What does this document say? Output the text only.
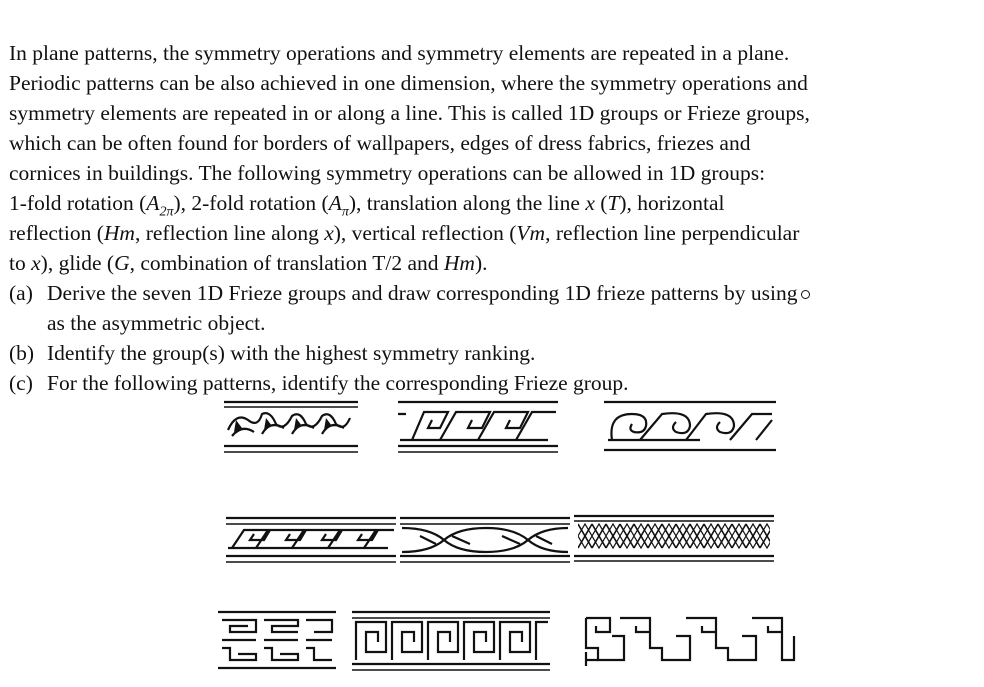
In plane patterns, the symmetry operations and symmetry elements are repeated in a plane.
Periodic patterns can be also achieved in one dimension, where the symmetry operations and
symmetry elements are repeated in or along a line. This is called 1D groups or Frieze groups,
which can be often found for borders of wallpapers, edges of dress fabrics, friezes and
cornices in buildings. The following symmetry operations can be allowed in 1D groups:
1-fold rotation $(A_{2\pi})$, 2-fold rotation $(A_\pi)$, translation along the line x (T), horizontal
reflection (Hm, reflection line along x), vertical reflection (Vm, reflection line perpendicular
to x), glide (G, combination of translation T/2 and Hm).
(a) Derive the seven 1D Frieze groups and draw corresponding 1D frieze patterns by using
as the asymmetric object.
(b) Identify the group(s) with the highest symmetry ranking.
(c) For the following patterns, identify the corresponding Frieze group.
